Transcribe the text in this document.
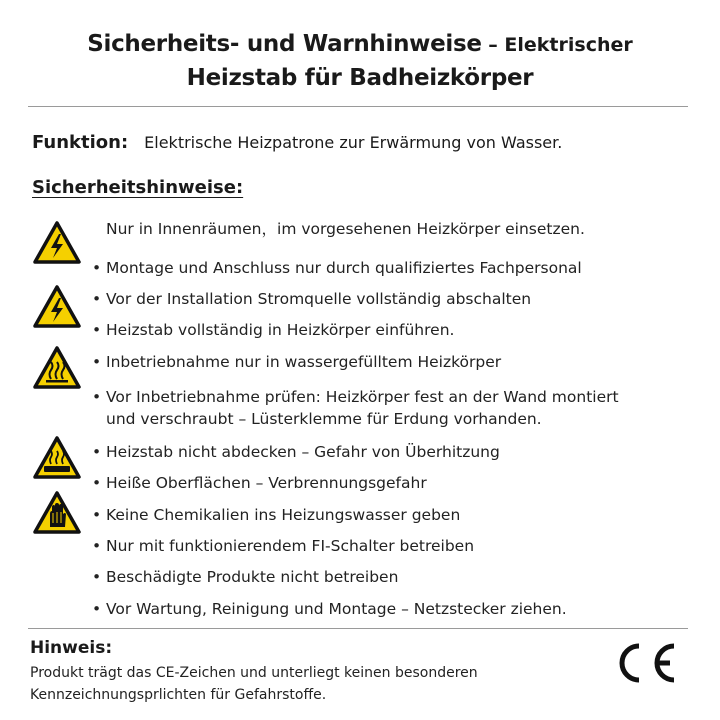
Sicherheits- und Warnhinweise – Elektrischer
Heizstab für Badheizkörper
Funktion: Elektrische Heizpatrone zur Erwärmung von Wasser.
Sicherheitshinweise:
Nur in Innenräumen，im vorgesehenen Heizkörper einsetzen.
• Montage und Anschluss nur durch qualifiziertes Fachpersonal
• Vor der Installation Stromquelle vollständig abschalten
• Heizstab vollständig in Heizkörper einführen.
• Inbetriebnahme nur in wassergefülltem Heizkörper
• Vor Inbetriebnahme prüfen: Heizkörper fest an der Wand montiert
und verschraubt – Lüsterklemme für Erdung vorhanden.
• Heizstab nicht abdecken – Gefahr von Überhitzung
• Heiße Oberflächen – Verbrennungsgefahr
• Keine Chemikalien ins Heizungswasser geben
• Nur mit funktionierendem FI-Schalter betreiben
• Beschädigte Produkte nicht betreiben
• Vor Wartung, Reinigung und Montage – Netzstecker ziehen.
Hinweis:
Produkt trägt das CE-Zeichen und unterliegt keinen besonderen
Kennzeichnungsprlichten für Gefahrstoffe.
